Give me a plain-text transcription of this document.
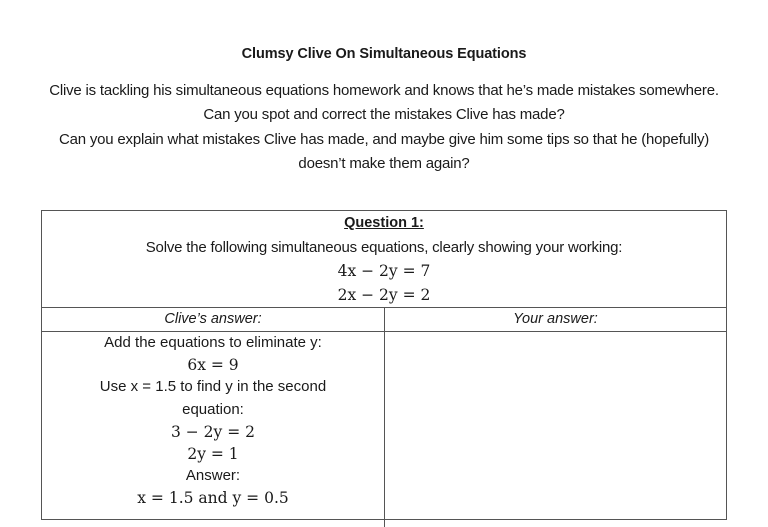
Clumsy Clive On Simultaneous Equations

Clive is tackling his simultaneous equations homework and knows that he’s made mistakes somewhere.

Can you spot and correct the mistakes Clive has made?

Can you explain what mistakes Clive has made, and maybe give him some tips so that he (hopefully) doesn’t make them again?

Question 1:
Solve the following simultaneous equations, clearly showing your working:
4x − 2y = 7
2x − 2y = 2
Clive’s answer:	Your answer:
Add the equations to eliminate y:
6x = 9
Use x = 1.5 to find y in the second
equation:
3 − 2y = 2
2y = 1
Answer:
x = 1.5 and y = 0.5
